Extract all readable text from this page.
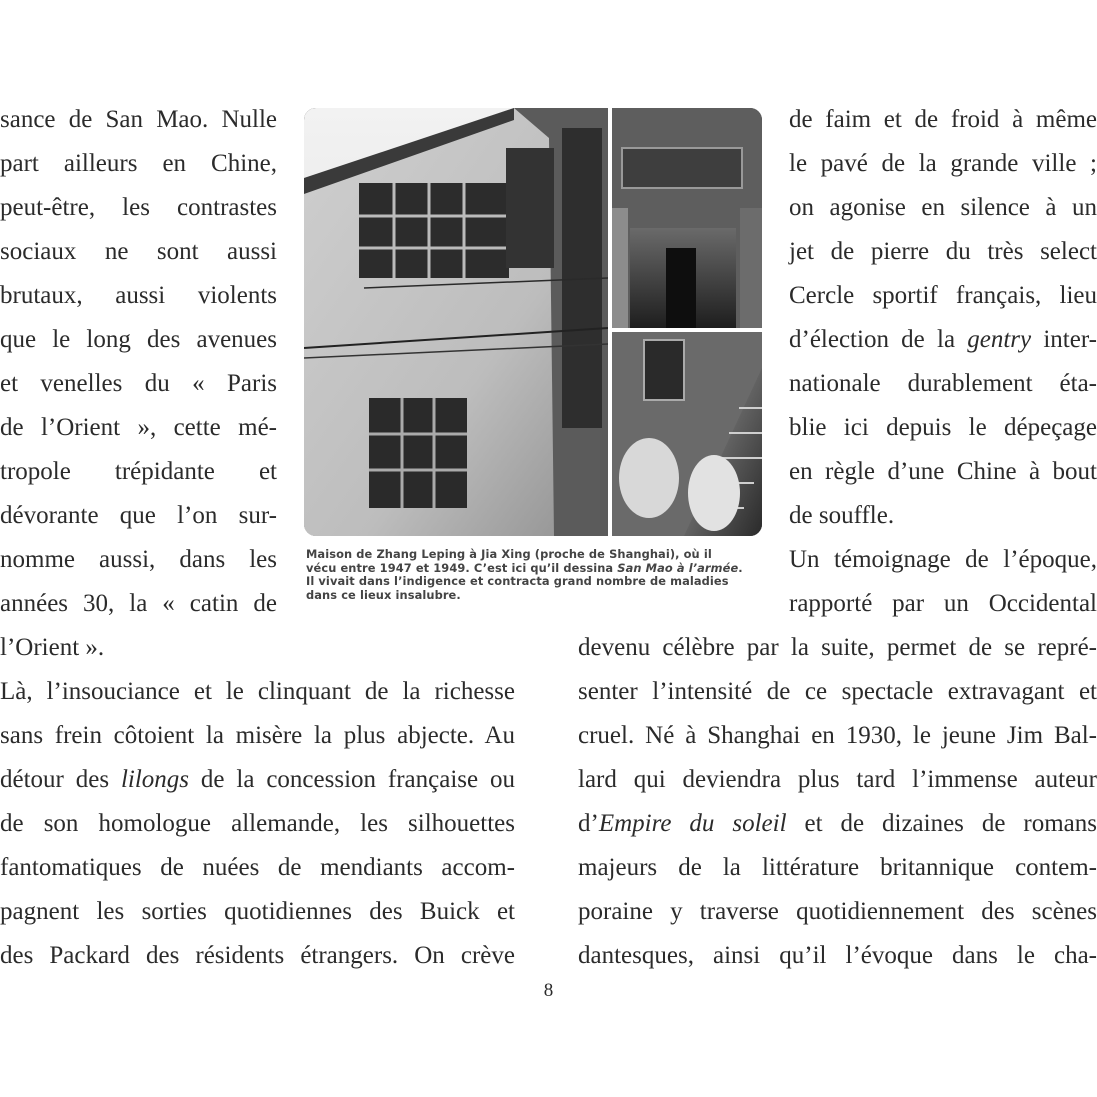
sance de San Mao. Nulle
part ailleurs en Chine,
peut-être, les contrastes
sociaux ne sont aussi
brutaux, aussi violents
que le long des avenues
et venelles du « Paris
de l’Orient », cette mé-
tropole trépidante et
dévorante que l’on sur-
nomme aussi, dans les
années 30, la « catin de
l’Orient ».
Maison de Zhang Leping à Jia Xing (proche de Shanghai), où il
vécu entre 1947 et 1949. C’est ici qu’il dessina San Mao à l’armée.
Il vivait dans l’indigence et contracta grand nombre de maladies
dans ce lieux insalubre.
de faim et de froid à même
le pavé de la grande ville ;
on agonise en silence à un
jet de pierre du très select
Cercle sportif français, lieu
d’élection de la gentry inter-
nationale durablement éta-
blie ici depuis le dépeçage
en règle d’une Chine à bout
de souffle.
Un témoignage de l’époque,
rapporté par un Occidental
Là, l’insouciance et le clinquant de la richesse
sans frein côtoient la misère la plus abjecte. Au
détour des lilongs de la concession française ou
de son homologue allemande, les silhouettes
fantomatiques de nuées de mendiants accom-
pagnent les sorties quotidiennes des Buick et
des Packard des résidents étrangers. On crève
devenu célèbre par la suite, permet de se repré-
senter l’intensité de ce spectacle extravagant et
cruel. Né à Shanghai en 1930, le jeune Jim Bal-
lard qui deviendra plus tard l’immense auteur
d’Empire du soleil et de dizaines de romans
majeurs de la littérature britannique contem-
poraine y traverse quotidiennement des scènes
dantesques, ainsi qu’il l’évoque dans le cha-
8
